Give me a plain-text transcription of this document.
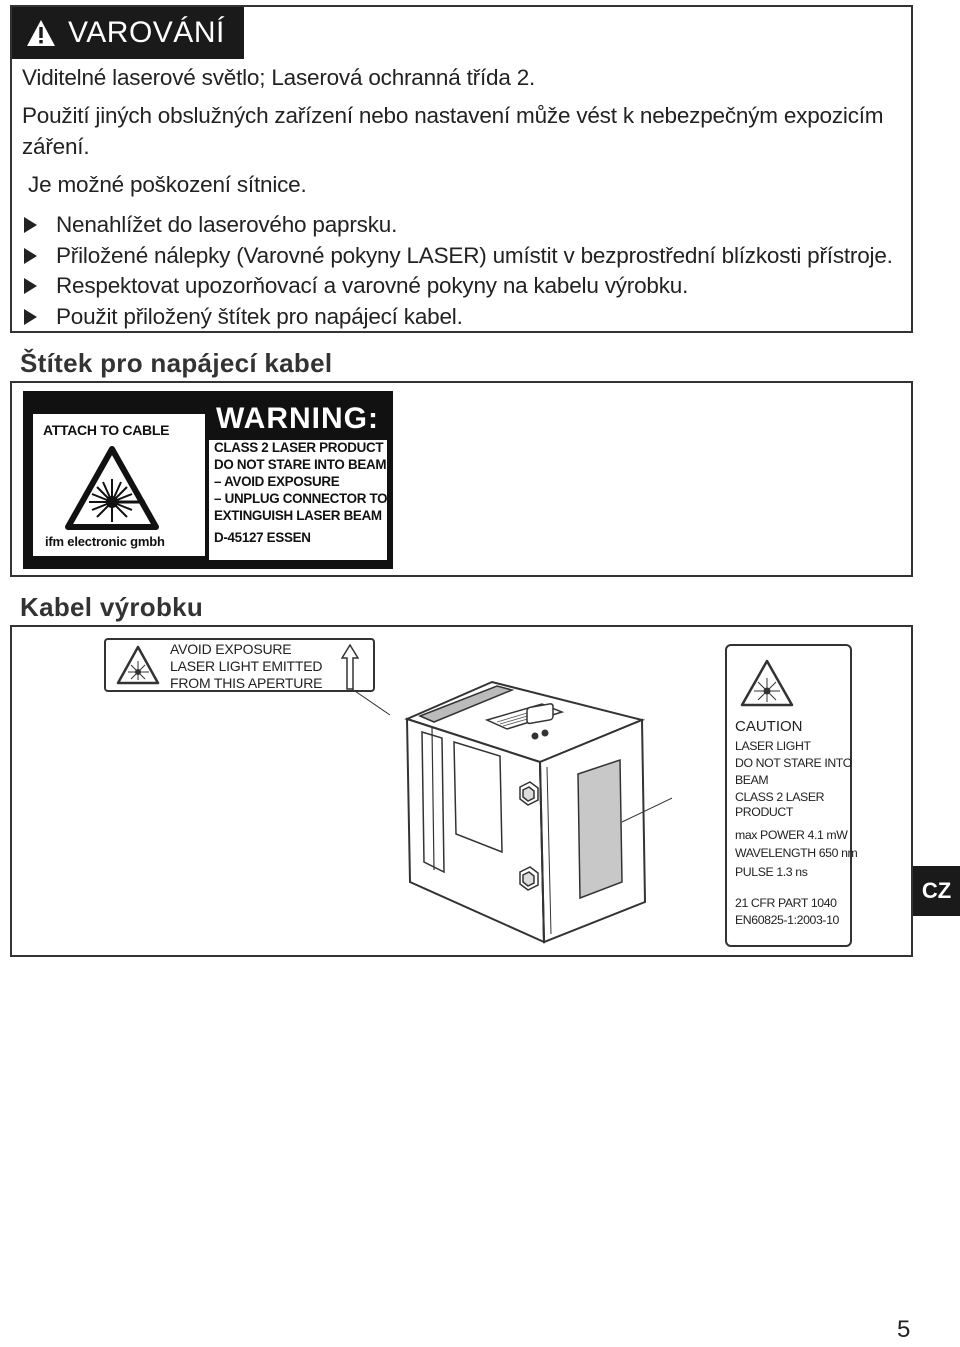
VAROVÁNÍ
Viditelné laserové světlo; Laserová ochranná třída 2.
Použití jiných obslužných zařízení nebo nastavení může vést k nebezpečným expozicím
záření.
Je možné poškození sítnice.
Nenahlížet do laserového paprsku.
Přiložené nálepky (Varovné pokyny LASER) umístit v bezprostřední blízkosti přístroje.
Respektovat upozorňovací a varovné pokyny na kabelu výrobku.
Použit přiložený štítek pro napájecí kabel.
Štítek pro napájecí kabel
ATTACH TO CABLE
ifm electronic gmbh
WARNING:
CLASS 2 LASER PRODUCT
DO NOT STARE INTO BEAM
– AVOID EXPOSURE
– UNPLUG CONNECTOR TO
EXTINGUISH LASER BEAM
D-45127 ESSEN
Kabel výrobku
AVOID EXPOSURE
LASER LIGHT EMITTED
FROM THIS APERTURE
CAUTION
LASER LIGHT
DO NOT STARE INTO
BEAM
CLASS 2 LASER
PRODUCT
max POWER 4.1 mW
WAVELENGTH 650 nm
PULSE 1.3 ns
21 CFR PART 1040
EN60825-1:2003-10
CZ
5
